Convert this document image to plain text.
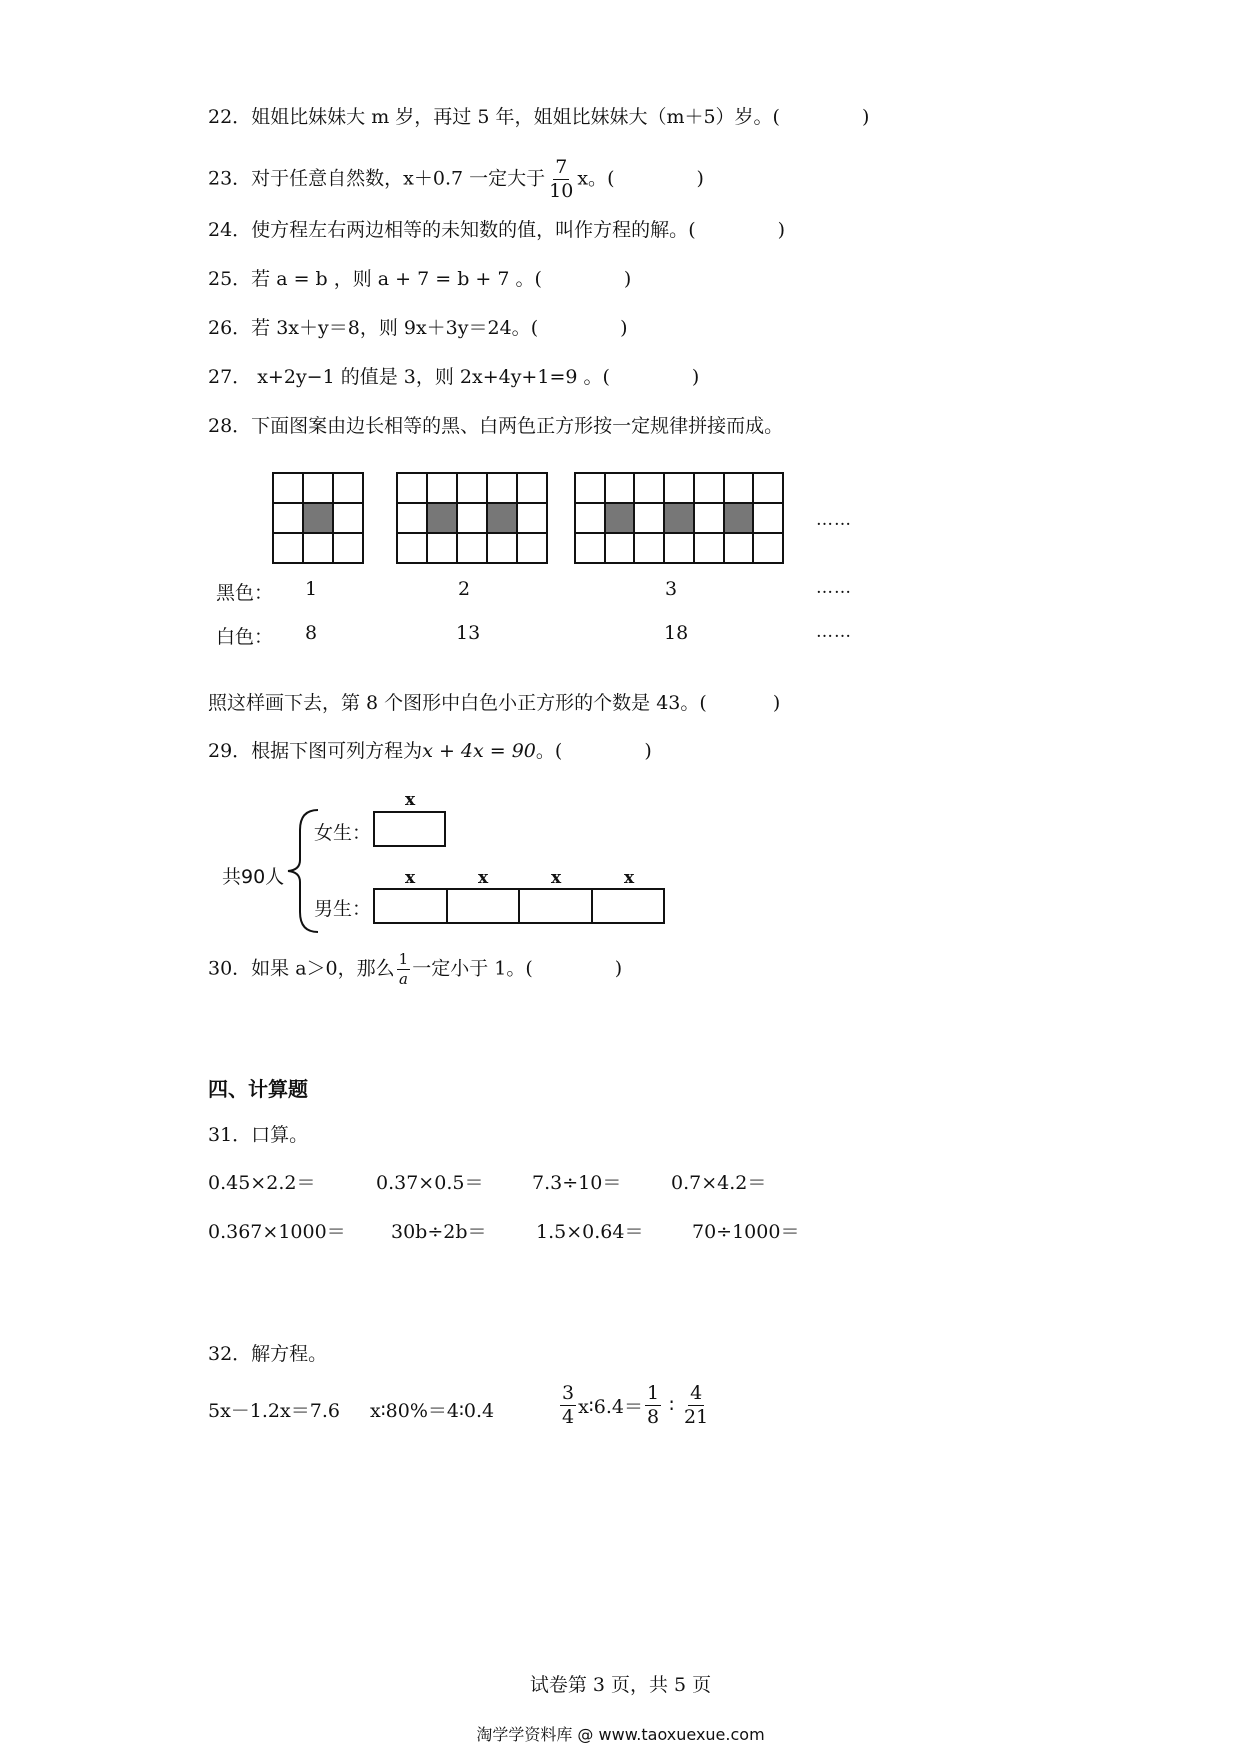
22．姐姐比妹妹大 m 岁，再过 5 年，姐姐比妹妹大（m＋5）岁。(	)
23．对于任意自然数，x＋0.7 一定大于 $\frac{7}{10}$ x。(	)
24．使方程左右两边相等的未知数的值，叫作方程的解。(	)
25．若 a = b ，则 a + 7 = b + 7 。(	)
26．若 3x＋y＝8，则 9x＋3y＝24。(	)
27． x+2y−1 的值是 3，则 2x+4y+1=9 。(	)
28．下面图案由边长相等的黑、白两色正方形按一定规律拼接而成。
……
黑色： 1	2	3	……
白色： 8	13	18	……
照这样画下去，第 8 个图形中白色小正方形的个数是 43。(	)
29．根据下图可列方程为x + 4x = 90。(	)
共90人
女生：
x
男生：
x	x	x	x
30．如果 a＞0，那么 $\frac{1}{a}$ 一定小于 1。(	)
四、计算题
31．口算。
0.45×2.2＝	0.37×0.5＝	7.3÷10＝	0.7×4.2＝
0.367×1000＝ 30b÷2b＝	1.5×0.64＝	70÷1000＝
32．解方程。
5x－1.2x＝7.6 x∶80%＝4∶0.4	$\frac{3}{4}$ x∶6.4＝ $\frac{1}{8}$ ∶ $\frac{4}{21}$
试卷第 3 页，共 5 页
淘学学资料库 @ www.taoxuexue.com
